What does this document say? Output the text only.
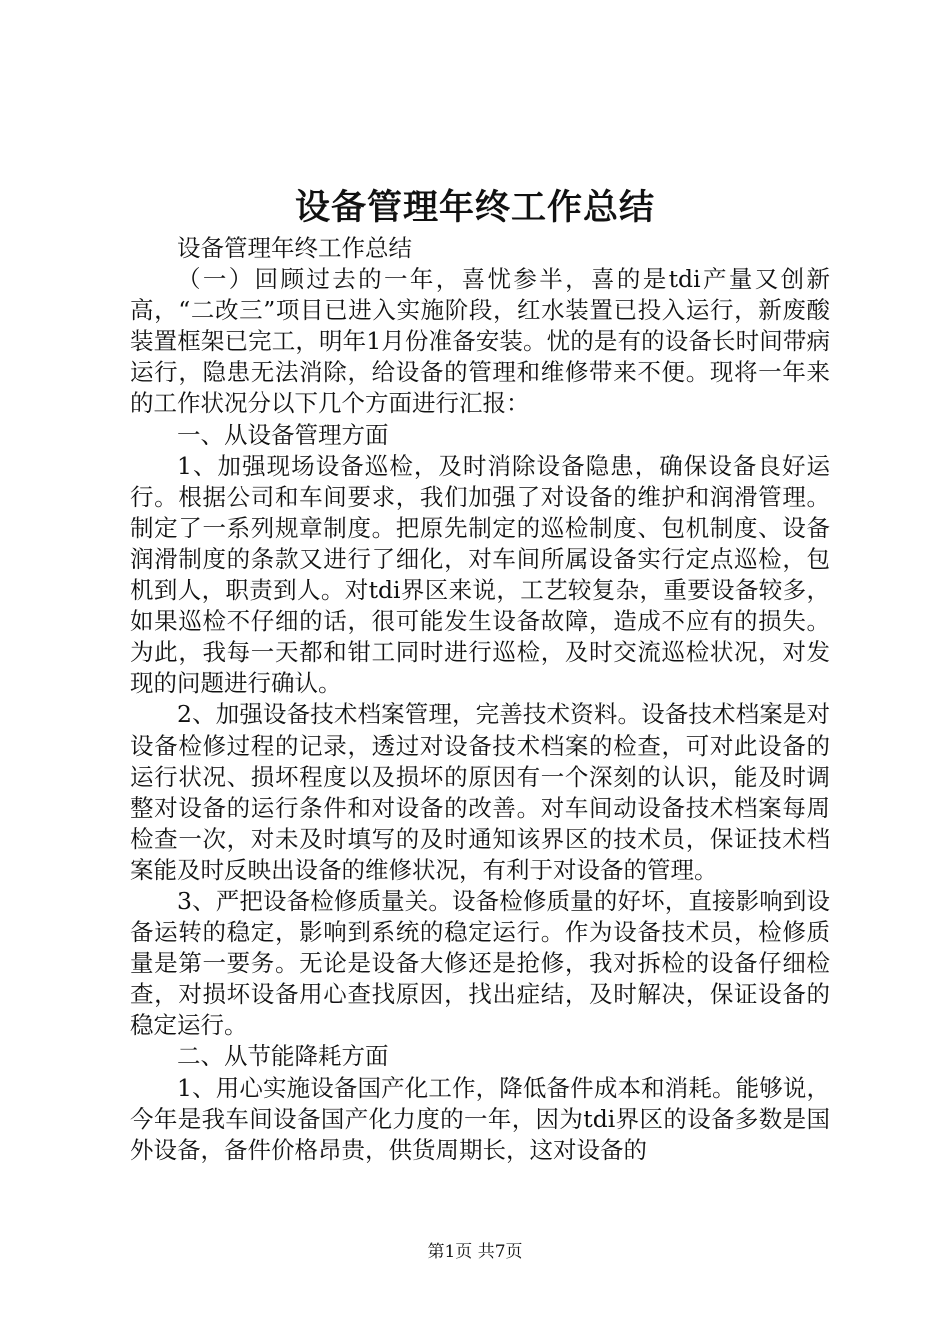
设备管理年终工作总结

设备管理年终工作总结

（一）回顾过去的一年，喜忧参半，喜的是tdi产量又创新高，“二改三”项目已进入实施阶段，红水装置已投入运行，新废酸装置框架已完工，明年1月份准备安装。忧的是有的设备长时间带病运行，隐患无法消除，给设备的管理和维修带来不便。现将一年来的工作状况分以下几个方面进行汇报：

一、从设备管理方面

1、加强现场设备巡检，及时消除设备隐患，确保设备良好运行。根据公司和车间要求，我们加强了对设备的维护和润滑管理。制定了一系列规章制度。把原先制定的巡检制度、包机制度、设备润滑制度的条款又进行了细化，对车间所属设备实行定点巡检，包机到人，职责到人。对tdi界区来说，工艺较复杂，重要设备较多，如果巡检不仔细的话，很可能发生设备故障，造成不应有的损失。为此，我每一天都和钳工同时进行巡检，及时交流巡检状况，对发现的问题进行确认。

2、加强设备技术档案管理，完善技术资料。设备技术档案是对设备检修过程的记录，透过对设备技术档案的检查，可对此设备的运行状况、损坏程度以及损坏的原因有一个深刻的认识，能及时调整对设备的运行条件和对设备的改善。对车间动设备技术档案每周检查一次，对未及时填写的及时通知该界区的技术员，保证技术档案能及时反映出设备的维修状况，有利于对设备的管理。

3、严把设备检修质量关。设备检修质量的好坏，直接影响到设备运转的稳定，影响到系统的稳定运行。作为设备技术员，检修质量是第一要务。无论是设备大修还是抢修，我对拆检的设备仔细检查，对损坏设备用心查找原因，找出症结，及时解决，保证设备的稳定运行。

二、从节能降耗方面

1、用心实施设备国产化工作，降低备件成本和消耗。能够说，今年是我车间设备国产化力度的一年，因为tdi界区的设备多数是国外设备，备件价格昂贵，供货周期长，这对设备的

第1页 共7页
